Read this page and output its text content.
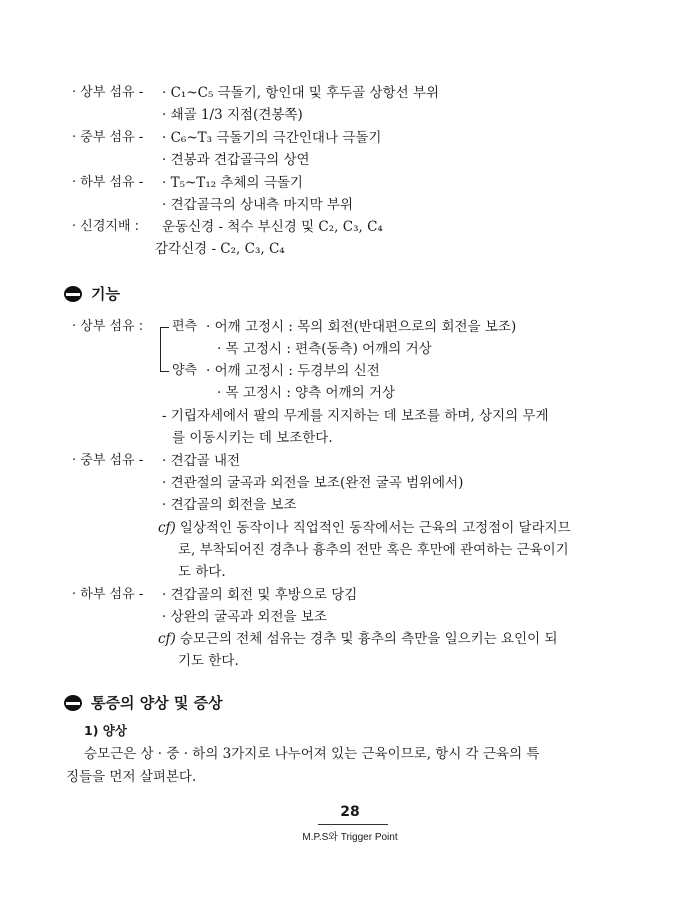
· 상부 섬유 - · C₁~C₅ 극돌기, 항인대 및 후두골 상항선 부위
· 쇄골 1/3 지점(견봉쪽)
· 중부 섬유 - · C₆~T₃ 극돌기의 극간인대나 극돌기
· 견봉과 견갑골극의 상연
· 하부 섬유 - · T₅~T₁₂ 추체의 극돌기
· 견갑골극의 상내측 마지막 부위
· 신경지배 : 운동신경 - 척수 부신경 및 C₂, C₃, C₄
감각신경 - C₂, C₃, C₄
기능
· 상부 섬유 : 편측 · 어깨 고정시 : 목의 회전(반대편으로의 회전을 보조)
· 목 고정시 : 편측(동측) 어깨의 거상
양측 · 어깨 고정시 : 두경부의 신전
· 목 고정시 : 양측 어깨의 거상
- 기립자세에서 팔의 무게를 지지하는 데 보조를 하며, 상지의 무게
를 이동시키는 데 보조한다.
· 중부 섬유 - · 견갑골 내전
· 견관절의 굴곡과 외전을 보조(완전 굴곡 범위에서)
· 견갑골의 회전을 보조
cf) 일상적인 동작이나 직업적인 동작에서는 근육의 고정점이 달라지므
로, 부착되어진 경추나 흉추의 전만 혹은 후만에 관여하는 근육이기
도 하다.
· 하부 섬유 - · 견갑골의 회전 및 후방으로 당김
· 상완의 굴곡과 외전을 보조
cf) 승모근의 전체 섬유는 경추 및 흉추의 측만을 일으키는 요인이 되
기도 한다.
통증의 양상 및 증상
1) 양상
승모근은 상 · 중 · 하의 3가지로 나누어져 있는 근육이므로, 항시 각 근육의 특
징들을 먼저 살펴본다.
28
M.P.S와 Trigger Point
